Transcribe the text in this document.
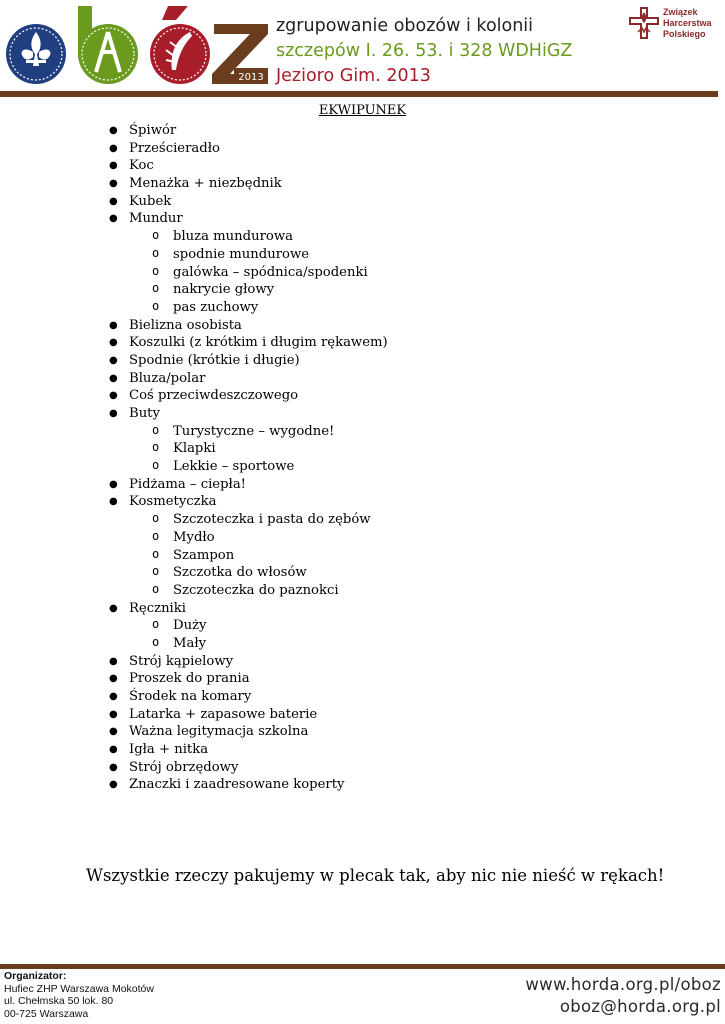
2013
zgrupowanie obozów i kolonii
szczepów I. 26. 53. i 328 WDHiGZ
Jezioro Gim. 2013
Związek
Harcerstwa
Polskiego
EKWIPUNEK
● Śpiwór
● Prześcieradło
● Koc
● Menażka + niezbędnik
● Kubek
● Mundur
o bluza mundurowa
o spodnie mundurowe
o galówka – spódnica/spodenki
o nakrycie głowy
o pas zuchowy
● Bielizna osobista
● Koszulki (z krótkim i długim rękawem)
● Spodnie (krótkie i długie)
● Bluza/polar
● Coś przeciwdeszczowego
● Buty
o Turystyczne – wygodne!
o Klapki
o Lekkie – sportowe
● Pidżama – ciepła!
● Kosmetyczka
o Szczoteczka i pasta do zębów
o Mydło
o Szampon
o Szczotka do włosów
o Szczoteczka do paznokci
● Ręczniki
o Duży
o Mały
● Strój kąpielowy
● Proszek do prania
● Środek na komary
● Latarka + zapasowe baterie
● Ważna legitymacja szkolna
● Igła + nitka
● Strój obrzędowy
● Znaczki i zaadresowane koperty
Wszystkie rzeczy pakujemy w plecak tak, aby nic nie nieść w rękach!
Organizator:
Hufiec ZHP Warszawa Mokotów
ul. Chełmska 50 lok. 80
00-725 Warszawa
www.horda.org.pl/oboz
oboz@horda.org.pl
